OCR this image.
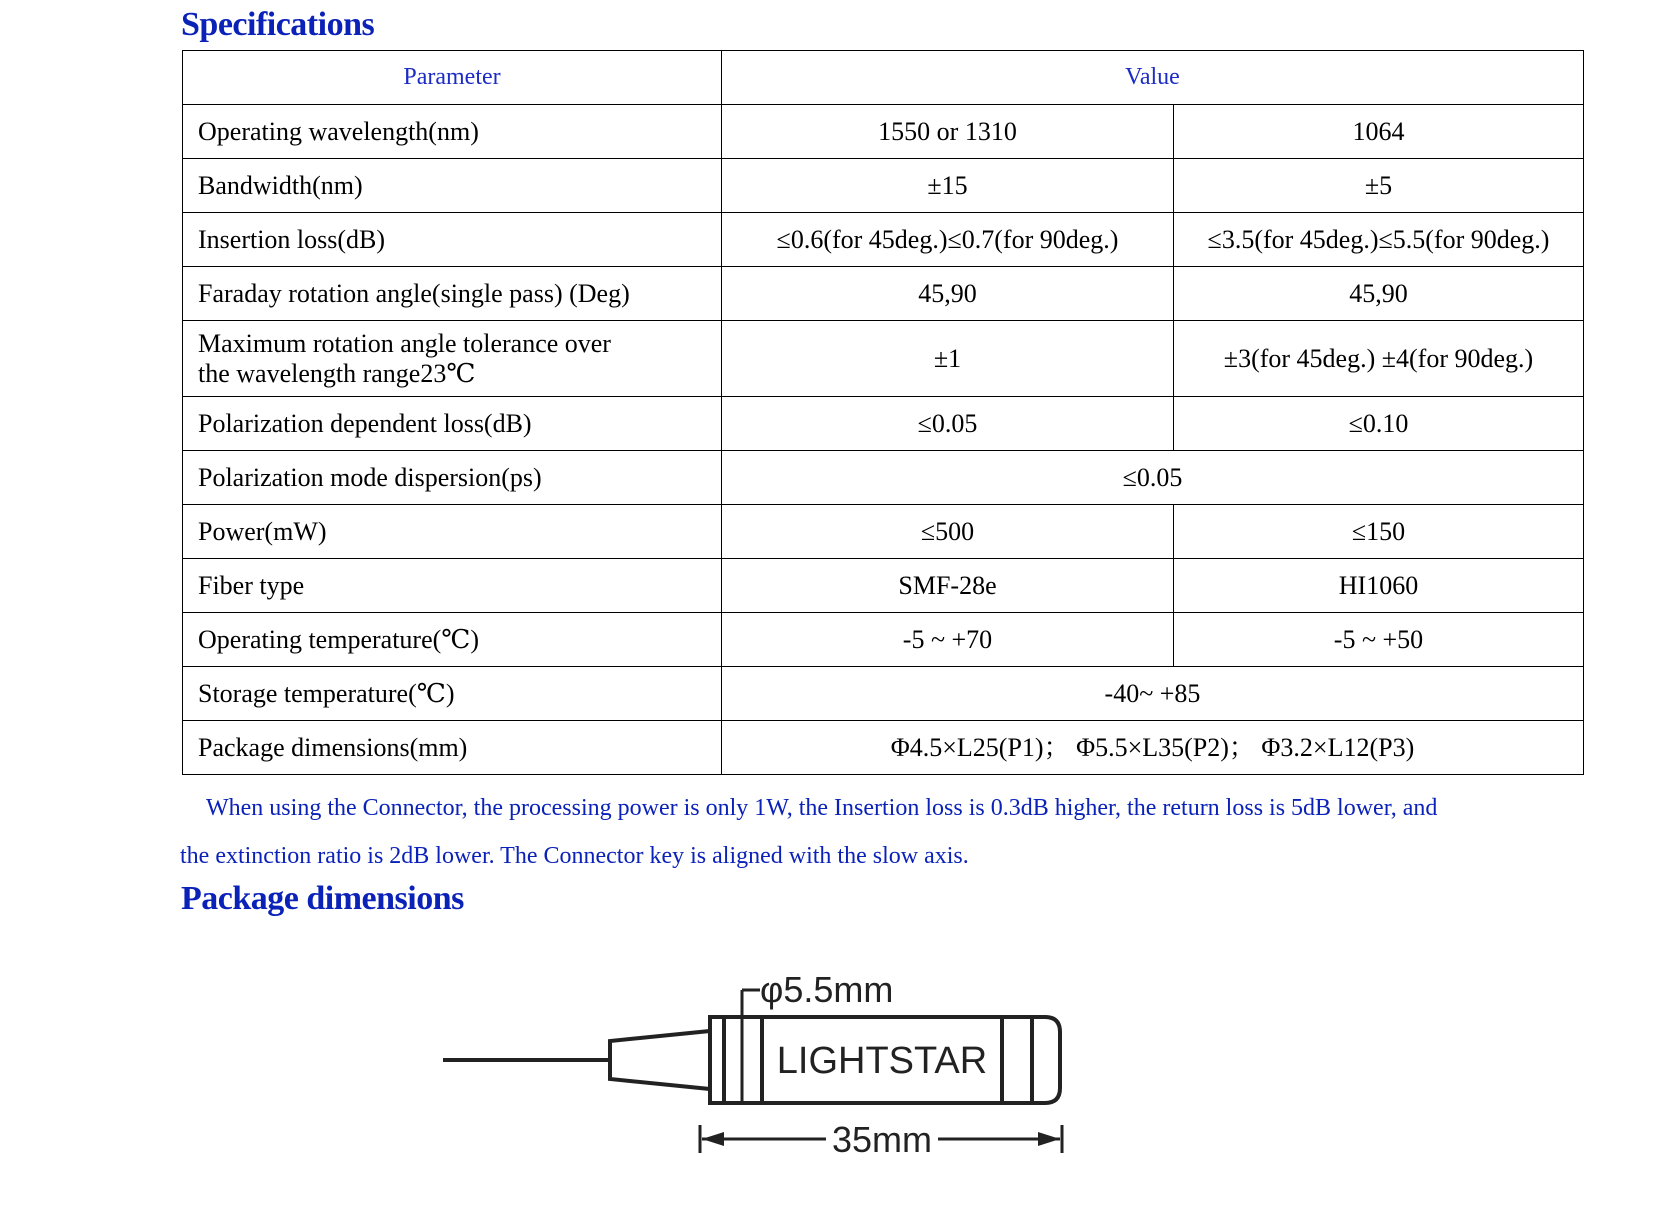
Specifications
Parameter	Value	
Operating wavelength(nm)	1550 or 1310	1064
Bandwidth(nm)	±15	±5
Insertion loss(dB)	≤0.6(for 45deg.)≤0.7(for 90deg.)	≤3.5(for 45deg.)≤5.5(for 90deg.)
Faraday rotation angle(single pass) (Deg)	45,90	45,90

Maximum rotation angle tolerance over
the wavelength range23℃	±1	±3(for 45deg.) ±4(for 90deg.)
Polarization dependent loss(dB)	≤0.05	≤0.10
Polarization mode dispersion(ps)	≤0.05	
Power(mW)	≤500	≤150
Fiber type	SMF-28e	HI1060
Operating temperature(℃)	-5 ~ +70	-5 ~ +50
Storage temperature(℃)	-40~ +85	
Package dimensions(mm)	Φ4.5×L25(P1)； Φ5.5×L35(P2)； Φ3.2×L12(P3)	

When using the Connector, the processing power is only 1W, the Insertion loss is 0.3dB higher, the return loss is 5dB lower, and

the extinction ratio is 2dB lower. The Connector key is aligned with the slow axis.

Package dimensions
φ5.5mm
LIGHTSTAR
35mm
